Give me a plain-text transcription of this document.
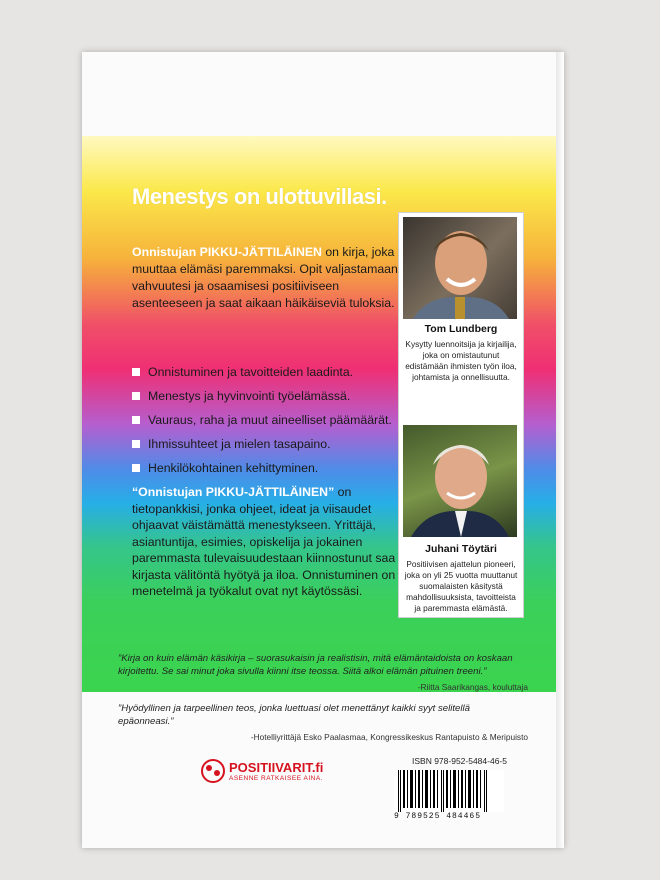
Menestys on ulottuvillasi.
Onnistujan PIKKU-JÄTTILÄINEN on kirja, joka muuttaa elämäsi paremmaksi. Opit valjastamaan vahvuutesi ja osaamisesi positiiviseen asenteeseen ja saat aikaan häikäiseviä tuloksia.
Onnistuminen ja tavoitteiden laadinta.
Menestys ja hyvinvointi työelämässä.
Vauraus, raha ja muut aineelliset päämäärät.
Ihmissuhteet ja mielen tasapaino.
Henkilökohtainen kehittyminen.
“Onnistujan PIKKU-JÄTTILÄINEN” on tietopankkisi, jonka ohjeet, ideat ja viisaudet ohjaavat väistämättä menestykseen. Yrittäjä, asiantuntija, esimies, opiskelija ja jokainen paremmasta tulevaisuudestaan kiinnostunut saa kirjasta välitöntä hyötyä ja iloa. Onnistuminen on menetelmä ja työkalut ovat nyt käytössäsi.
Tom Lundberg
Kysytty luennoitsija ja kirjailija, joka on omistautunut edistämään ihmisten työn iloa, johtamista ja onnellisuutta.
Juhani Töytäri
Positiivisen ajattelun pioneeri, joka on yli 25 vuotta muuttanut suomalaisten käsitystä mahdollisuuksista, tavoitteista ja paremmasta elämästä.
”Kirja on kuin elämän käsikirja – suorasukaisin ja realistisin, mitä elämäntaidoista on koskaan kirjoitettu. Se sai minut joka sivulla kiinni itse teossa. Siitä alkoi elämän pituinen treeni.”
-Riitta Saarikangas, kouluttaja
”Hyödyllinen ja tarpeellinen teos, jonka luettuasi olet menettänyt kaikki syyt selitellä epäonneasi.”
-Hotelliyrittäjä Esko Paalasmaa, Kongressikeskus Rantapuisto & Meripuisto
POSITIIVARIT.fi
ASENNE RATKAISEE AINA.
ISBN 978-952-5484-46-5
9 789525 484465
